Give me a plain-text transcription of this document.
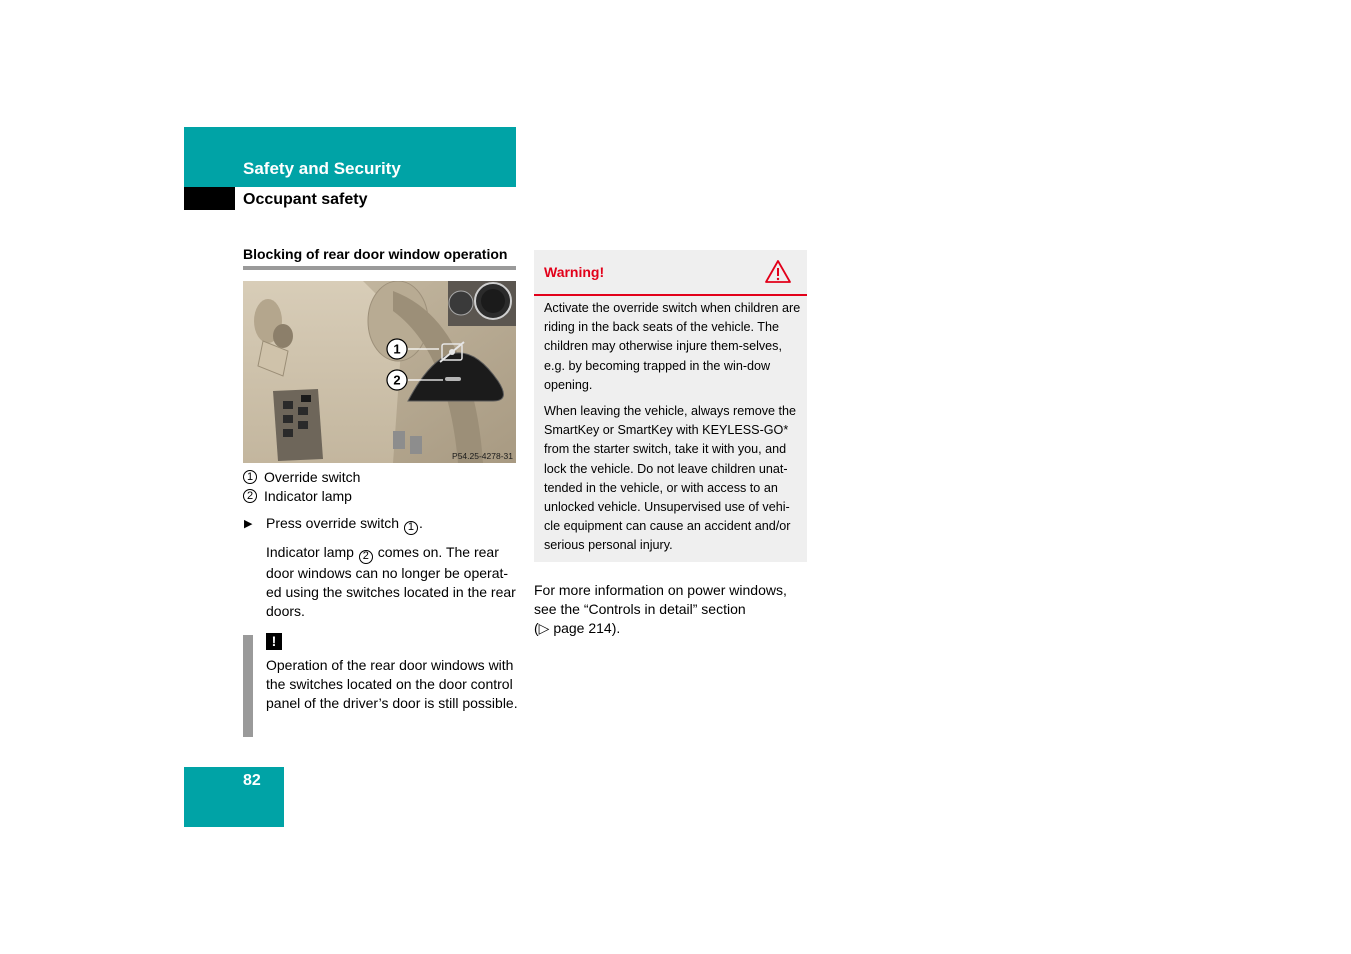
Safety and Security
Occupant safety
Blocking of rear door window operation
1
2
P54.25-4278-31
1 Override switch
2 Indicator lamp
▶ Press override switch 1 .
Indicator lamp 2 comes on. The rear door windows can no longer be operat-ed using the switches located in the rear doors.
!
Operation of the rear door windows with the switches located on the door control panel of the driver’s door is still possible.
Warning!
Activate the override switch when children are riding in the back seats of the vehicle. The children may otherwise injure them-selves, e.g. by becoming trapped in the win-dow opening.
When leaving the vehicle, always remove the SmartKey or SmartKey with KEYLESS-GO* from the starter switch, take it with you, and lock the vehicle. Do not leave children unat-tended in the vehicle, or with access to an unlocked vehicle. Unsupervised use of vehi-cle equipment can cause an accident and/or serious personal injury.
For more information on power windows, see the “Controls in detail” section
(▷ page 214).
82
